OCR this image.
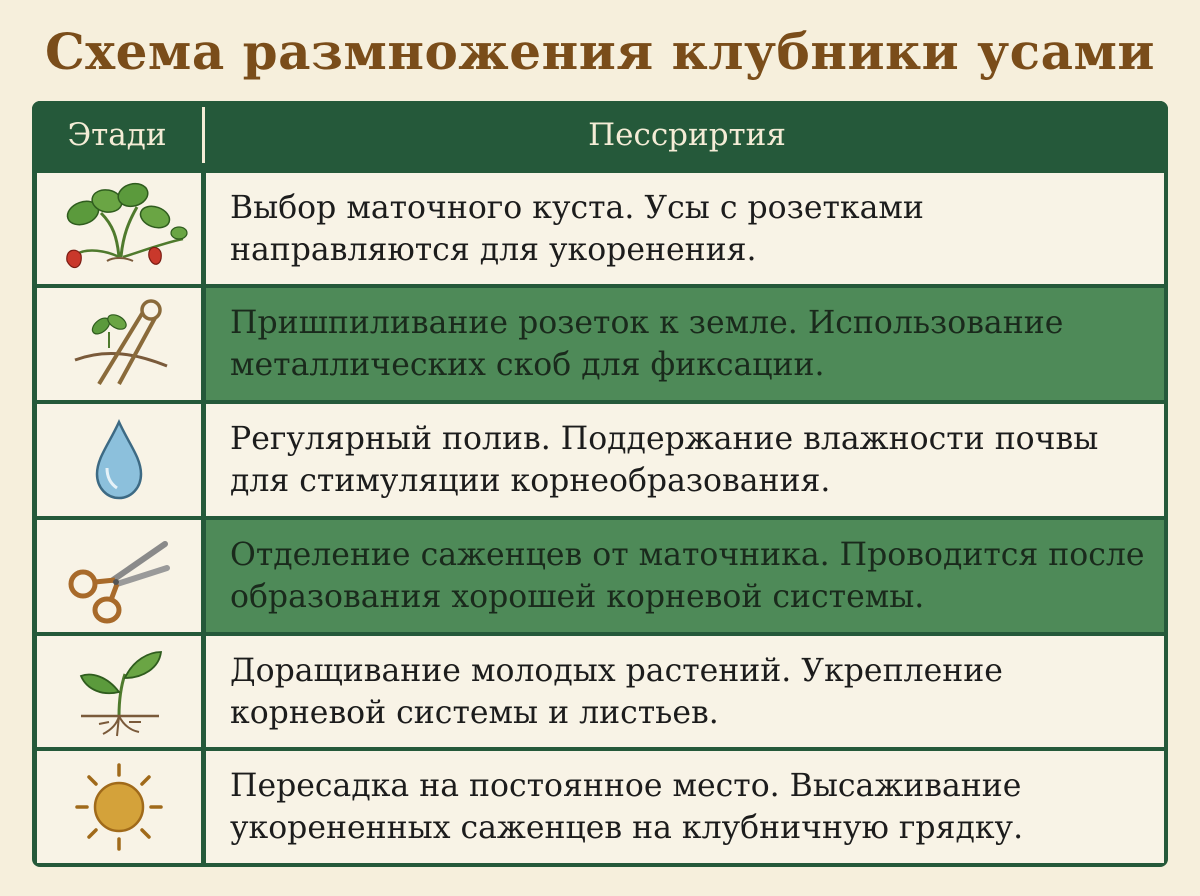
Схема размножения клубники усами
Этади	Пессриртия
Выбор маточного куста. Усы с розетками направляются для укоренения.
Пришпиливание розеток к земле. Использование металлических скоб для фиксации.
Регулярный полив. Поддержание влажности почвы для стимуляции корнеобразования.
Отделение саженцев от маточника. Проводится после образования хорошей корневой системы.
Доращивание молодых растений. Укрепление корневой системы и листьев.
Пересадка на постоянное место. Высаживание укорененных саженцев на клубничную грядку.
